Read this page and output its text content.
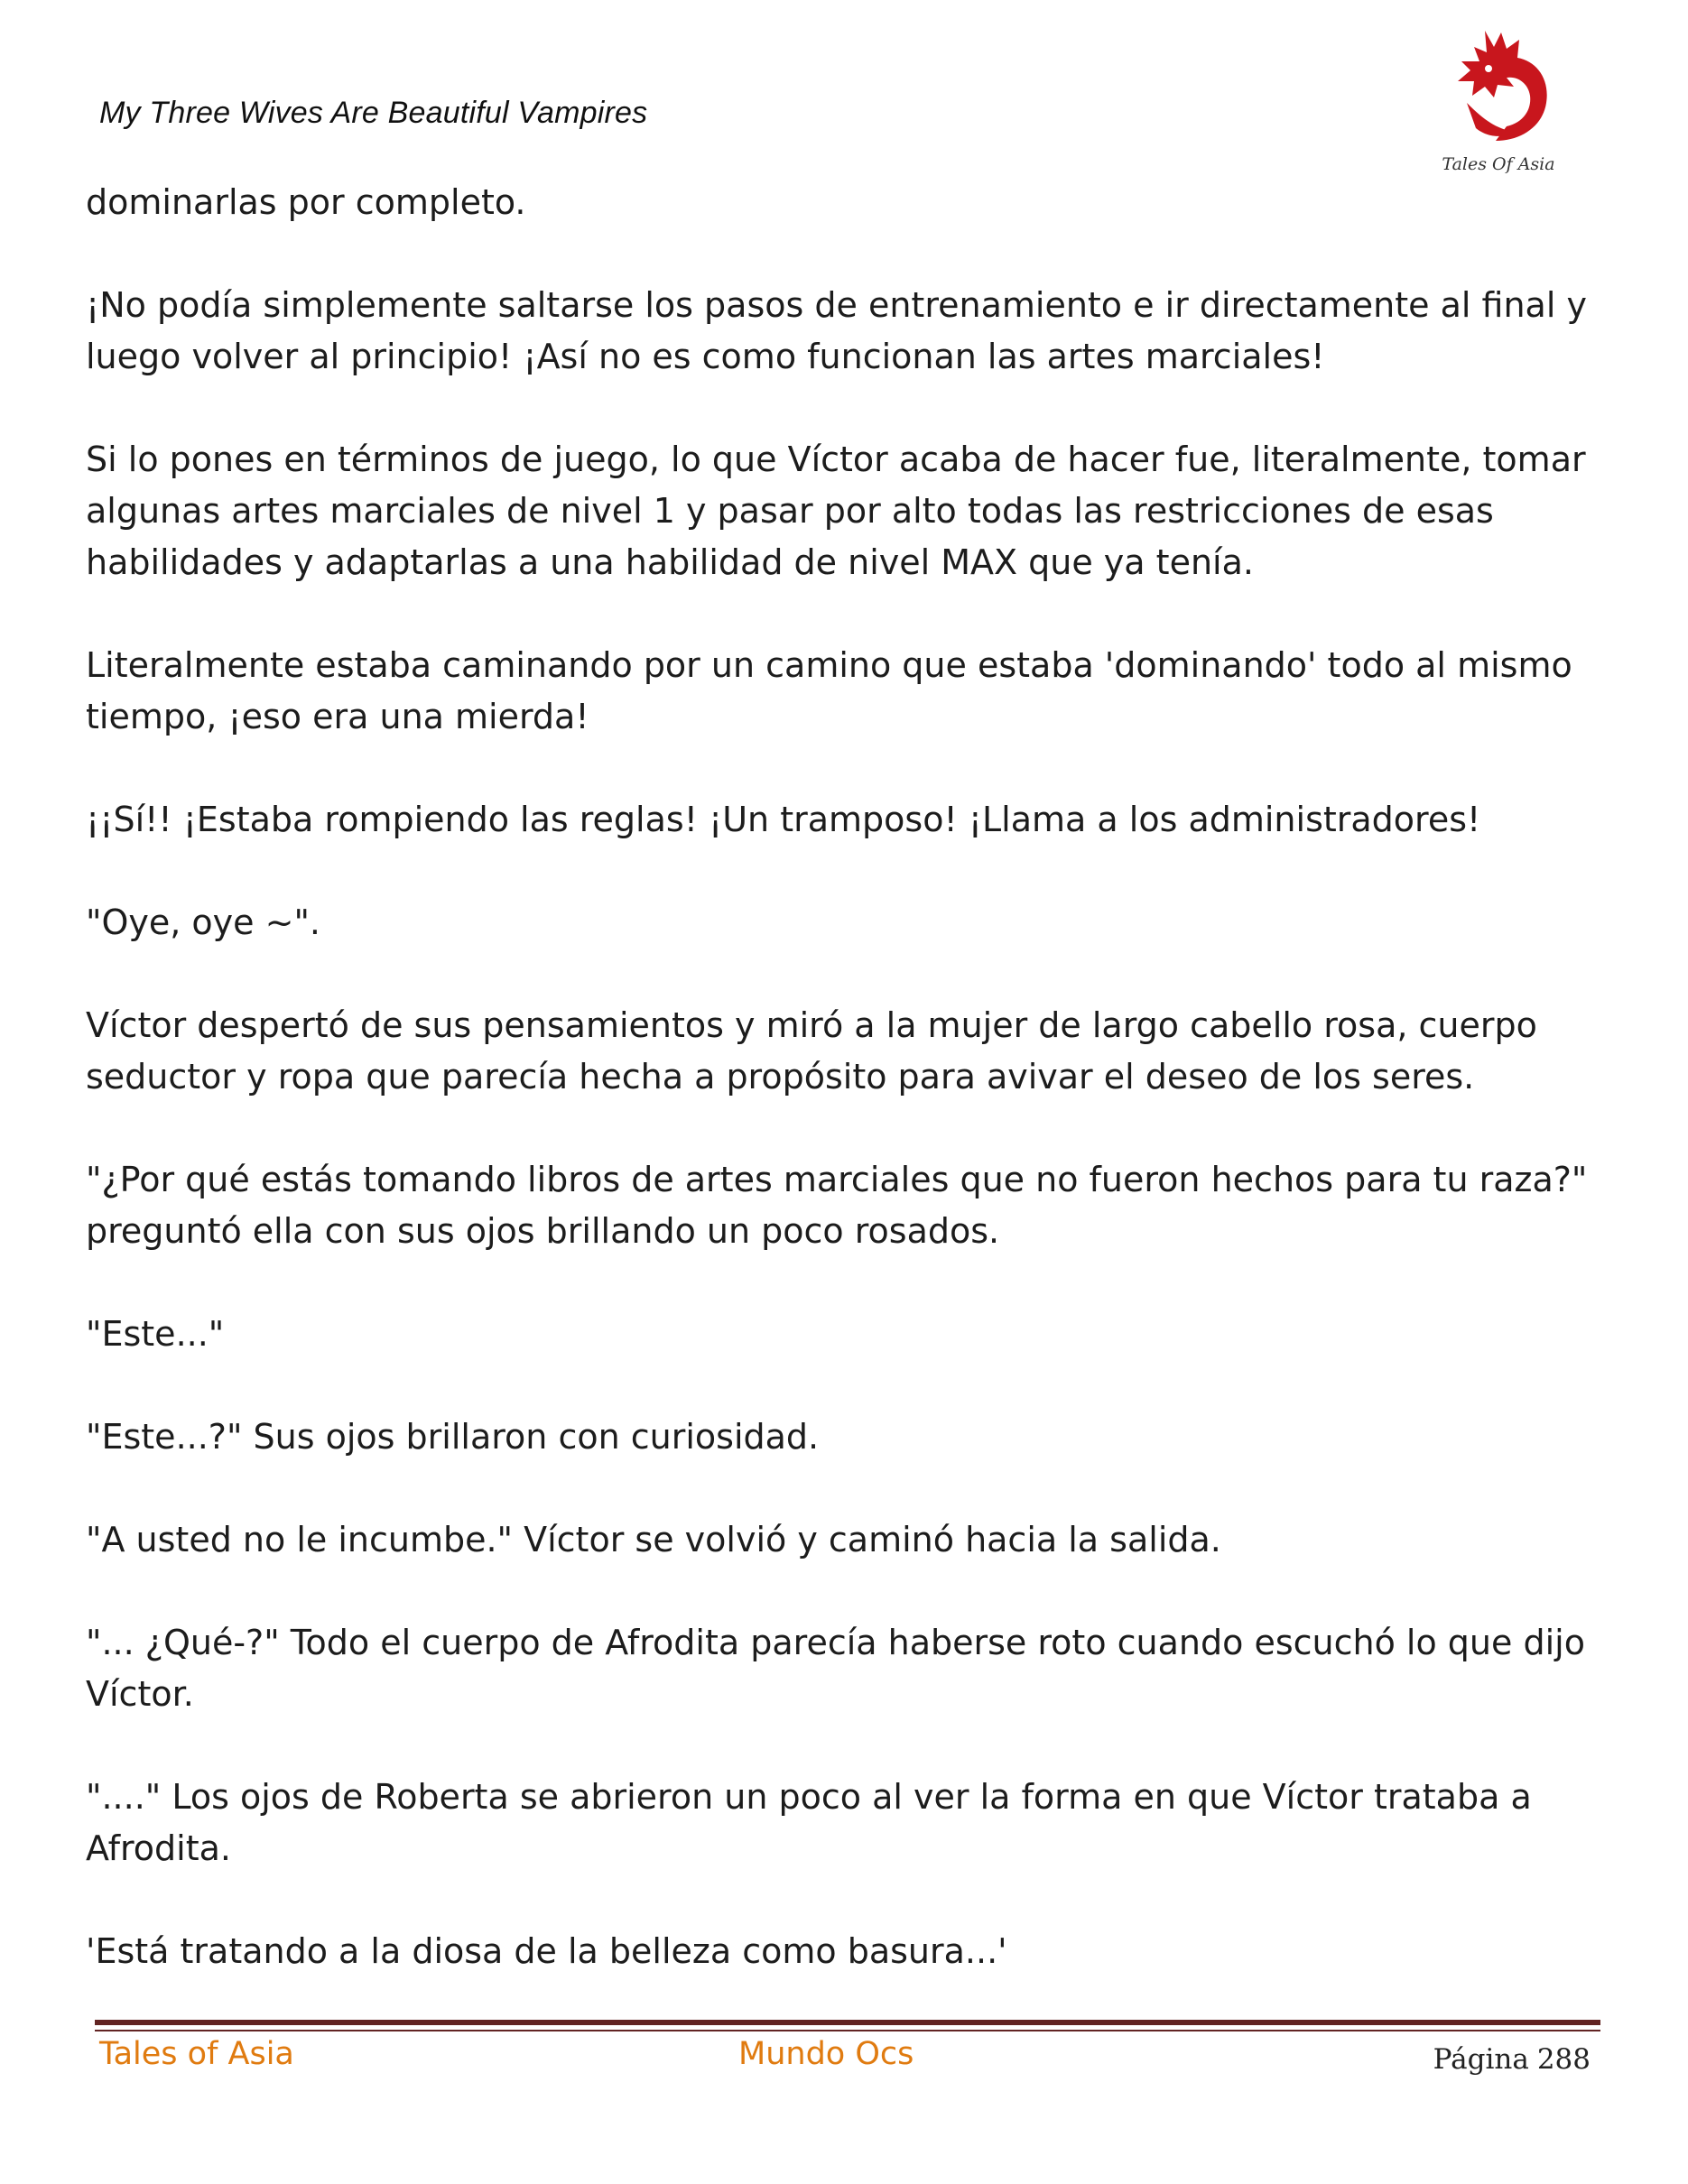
My Three Wives Are Beautiful Vampires
Tales Of Asia

dominarlas por completo.

¡No podía simplemente saltarse los pasos de entrenamiento e ir directamente al final y luego volver al principio! ¡Así no es como funcionan las artes marciales!

Si lo pones en términos de juego, lo que Víctor acaba de hacer fue, literalmente, tomar algunas artes marciales de nivel 1 y pasar por alto todas las restricciones de esas habilidades y adaptarlas a una habilidad de nivel MAX que ya tenía.

Literalmente estaba caminando por un camino que estaba 'dominando' todo al mismo tiempo, ¡eso era una mierda!

¡¡Sí!! ¡Estaba rompiendo las reglas! ¡Un tramposo! ¡Llama a los administradores!

"Oye, oye ~".

Víctor despertó de sus pensamientos y miró a la mujer de largo cabello rosa, cuerpo seductor y ropa que parecía hecha a propósito para avivar el deseo de los seres.

"¿Por qué estás tomando libros de artes marciales que no fueron hechos para tu raza?" preguntó ella con sus ojos brillando un poco rosados.

"Este..."

"Este...?" Sus ojos brillaron con curiosidad.

"A usted no le incumbe." Víctor se volvió y caminó hacia la salida.

"... ¿Qué-?" Todo el cuerpo de Afrodita parecía haberse roto cuando escuchó lo que dijo Víctor.

"...." Los ojos de Roberta se abrieron un poco al ver la forma en que Víctor trataba a Afrodita.

'Está tratando a la diosa de la belleza como basura...'

Tales of Asia	Mundo Ocs	Página 288
